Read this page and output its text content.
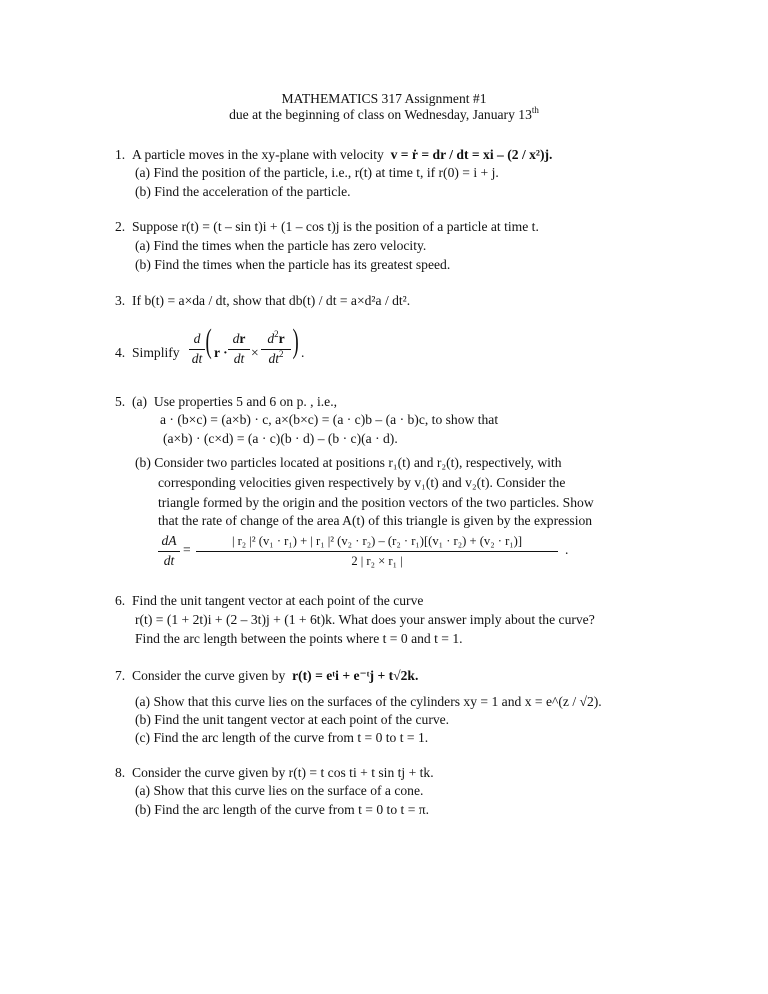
MATHEMATICS 317 Assignment #1
due at the beginning of class on Wednesday, January 13th
1. A particle moves in the xy-plane with velocity v = ṙ = dr / dt = xi – (2 / x²)j.
(a) Find the position of the particle, i.e., r(t) at time t, if r(0) = i + j.
(b) Find the acceleration of the particle.
2. Suppose r(t) = (t – sin t)i + (1 – cos t)j is the position of a particle at time t.
(a) Find the times when the particle has zero velocity.
(b) Find the times when the particle has its greatest speed.
3. If b(t) = a×da / dt, show that db(t) / dt = a×d²a / dt².
4. Simplify
d
dt ( r ·
dr
dt ×
$d^2r$
$dt^2$ ) .
5. (a) Use properties 5 and 6 on p. , i.e.,
a · (b×c) = (a×b) · c, a×(b×c) = (a · c)b – (a · b)c, to show that
(a×b) · (c×d) = (a · c)(b · d) – (b · c)(a · d).
(b) Consider two particles located at positions r₁(t) and r₂(t), respectively, with
corresponding velocities given respectively by v₁(t) and v₂(t). Consider the
triangle formed by the origin and the position vectors of the two particles. Show
that the rate of change of the area A(t) of this triangle is given by the expression
dA
dt
=
| r₂ |² (v₁ · r₁) + | r₁ |² (v₂ · r₂) – (r₂ · r₁)[(v₁ · r₂) + (v₂ · r₁)]
2 | r₂ × r₁ |
.
6. Find the unit tangent vector at each point of the curve
r(t) = (1 + 2t)i + (2 – 3t)j + (1 + 6t)k. What does your answer imply about the curve?
Find the arc length between the points where t = 0 and t = 1.
7. Consider the curve given by r(t) = eᵗi + e⁻ᵗj + t√2k.
(a) Show that this curve lies on the surfaces of the cylinders xy = 1 and x = e^(z / √2).
(b) Find the unit tangent vector at each point of the curve.
(c) Find the arc length of the curve from t = 0 to t = 1.
8. Consider the curve given by r(t) = t cos ti + t sin tj + tk.
(a) Show that this curve lies on the surface of a cone.
(b) Find the arc length of the curve from t = 0 to t = π.
